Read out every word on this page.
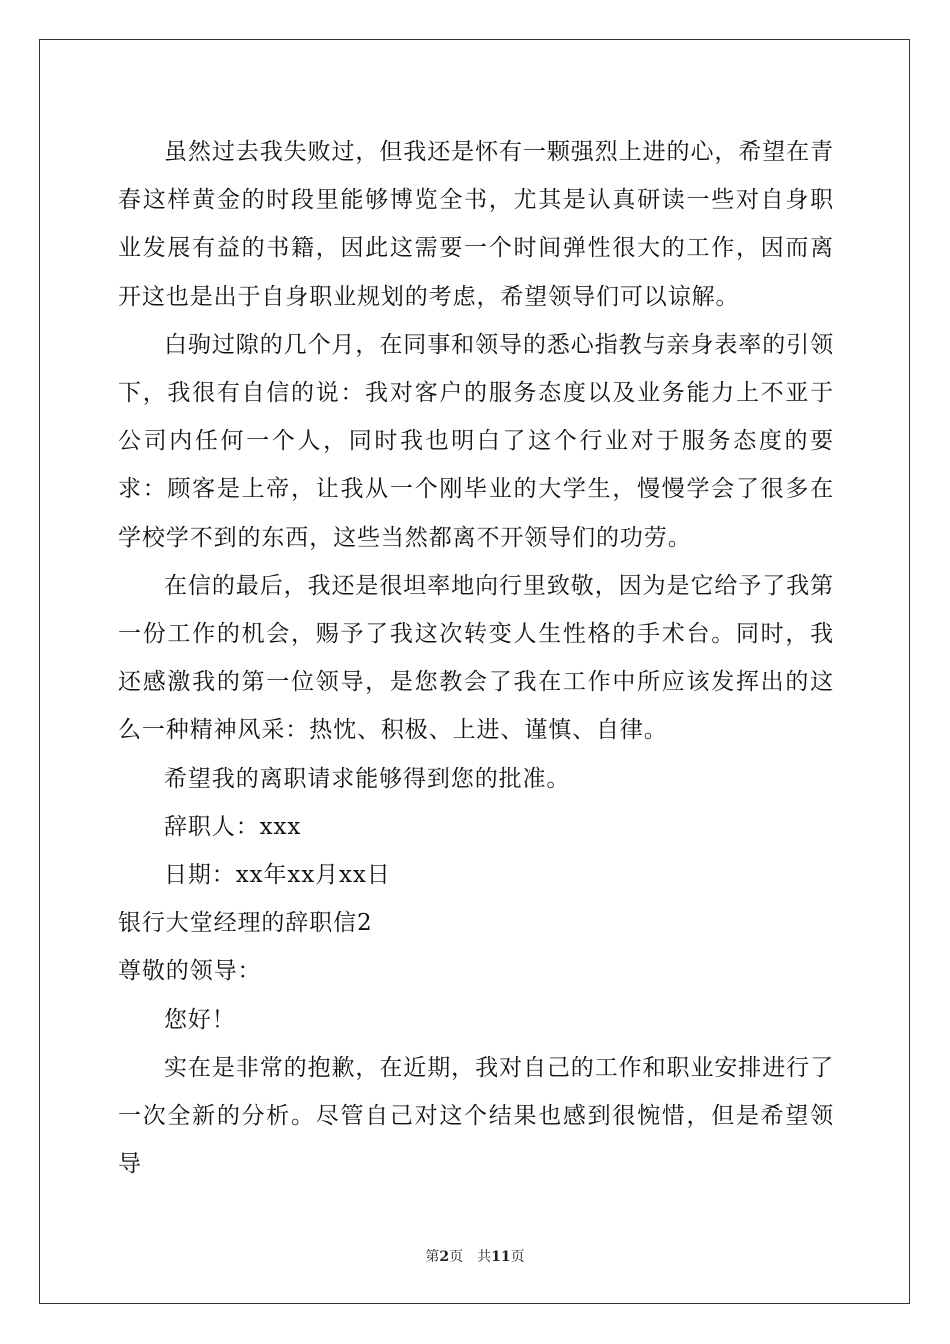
虽然过去我失败过，但我还是怀有一颗强烈上进的心，希望在青春这样黄金的时段里能够博览全书，尤其是认真研读一些对自身职业发展有益的书籍，因此这需要一个时间弹性很大的工作，因而离开这也是出于自身职业规划的考虑，希望领导们可以谅解。

白驹过隙的几个月，在同事和领导的悉心指教与亲身表率的引领下，我很有自信的说：我对客户的服务态度以及业务能力上不亚于公司内任何一个人，同时我也明白了这个行业对于服务态度的要求：顾客是上帝，让我从一个刚毕业的大学生，慢慢学会了很多在学校学不到的东西，这些当然都离不开领导们的功劳。

在信的最后，我还是很坦率地向行里致敬，因为是它给予了我第一份工作的机会，赐予了我这次转变人生性格的手术台。同时，我还感激我的第一位领导，是您教会了我在工作中所应该发挥出的这么一种精神风采：热忱、积极、上进、谨慎、自律。

希望我的离职请求能够得到您的批准。

辞职人：xxx

日期：xx年xx月xx日

银行大堂经理的辞职信2

尊敬的领导：

您好！

实在是非常的抱歉，在近期，我对自己的工作和职业安排进行了一次全新的分析。尽管自己对这个结果也感到很惋惜，但是希望领导

第2页 共11页
